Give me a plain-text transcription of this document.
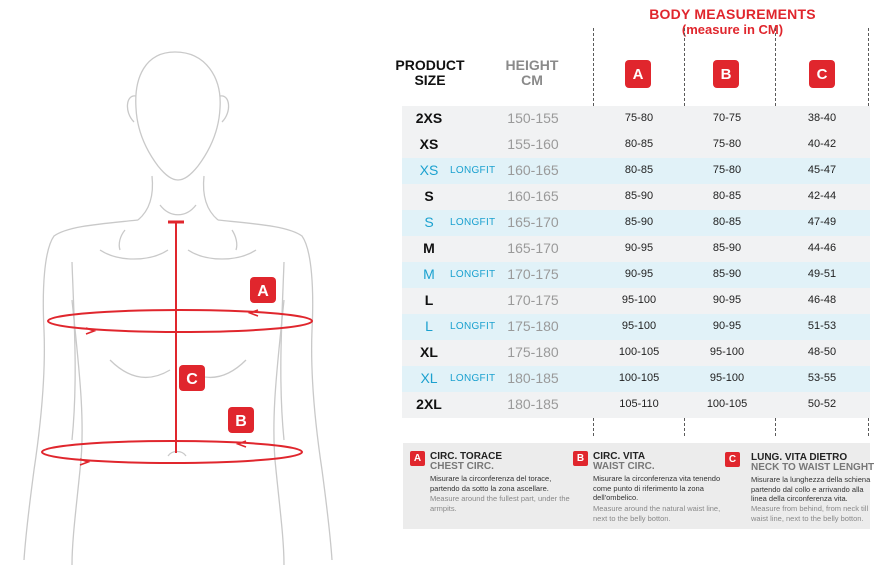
A
C
B
BODY MEASUREMENTS
(measure in CM)
PRODUCT
SIZE
HEIGHT
CM	A	B	C
2XS	150-155	75-80	70-75	38-40
XS	155-160	80-85	75-80	40-42
XS	LONGFIT 160-165	80-85	75-80	45-47
S	160-165	85-90	80-85	42-44
S	LONGFIT 165-170	85-90	80-85	47-49
M	165-170	90-95	85-90	44-46
M	LONGFIT 170-175	90-95	85-90	49-51
L	170-175	95-100	90-95	46-48
L	LONGFIT 175-180	95-100	90-95	51-53
XL	175-180	100-105	95-100	48-50
XL	LONGFIT 180-185	100-105	95-100	53-55
2XL	180-185	105-110	100-105	50-52
A CIRC. TORACE
CHEST CIRC.
Misurare la circonferenza del torace, partendo da sotto la zona ascellare.
Measure around the fullest part, under the armpits.
B CIRC. VITA
WAIST CIRC.
Misurare la circonferenza vita tenendo come punto di riferimento la zona dell'ombelico.
Measure around the natural waist line, next to the belly botton.
C	LUNG. VITA DIETRO
NECK TO WAIST LENGHT
Misurare la lunghezza della schiena partendo dal collo e arrivando alla linea della circonferenza vita.
Measure from behind, from neck till waist line, next to the belly botton.
